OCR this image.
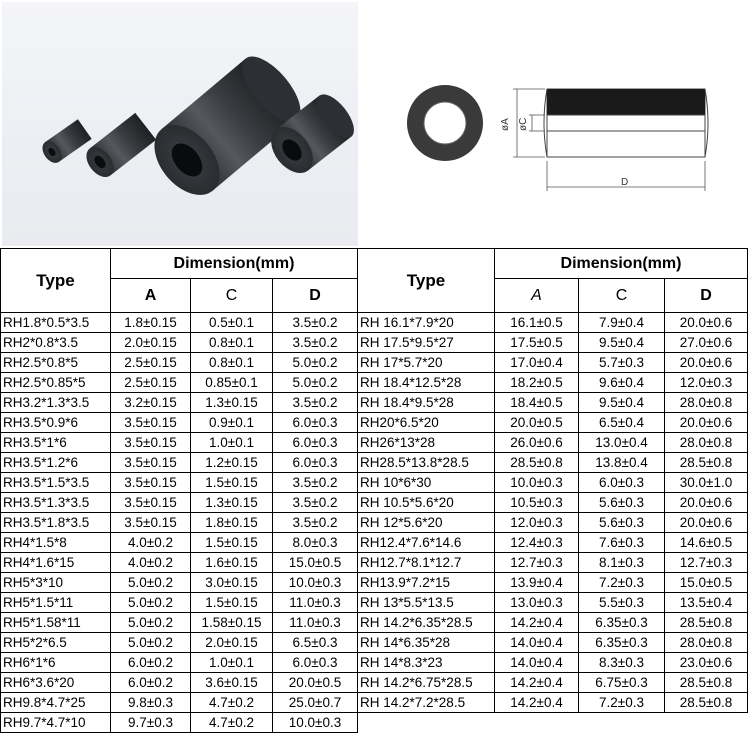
øA øC
D
Type	Dimension(mm)			Type	Dimension(mm)		
	A	C	D		A	C	D
RH1.8*0.5*3.5	1.8±0.15	0.5±0.1	3.5±0.2	RH 16.1*7.9*20	16.1±0.5	7.9±0.4	20.0±0.6
RH2*0.8*3.5	2.0±0.15	0.8±0.1	3.5±0.2	RH 17.5*9.5*27	17.5±0.5	9.5±0.4	27.0±0.6
RH2.5*0.8*5	2.5±0.15	0.8±0.1	5.0±0.2	RH 17*5.7*20	17.0±0.4	5.7±0.3	20.0±0.6
RH2.5*0.85*5	2.5±0.15	0.85±0.1	5.0±0.2	RH 18.4*12.5*28	18.2±0.5	9.6±0.4	12.0±0.3
RH3.2*1.3*3.5	3.2±0.15	1.3±0.15	3.5±0.2	RH 18.4*9.5*28	18.4±0.5	9.5±0.4	28.0±0.8
RH3.5*0.9*6	3.5±0.15	0.9±0.1	6.0±0.3	RH20*6.5*20	20.0±0.5	6.5±0.4	20.0±0.6
RH3.5*1*6	3.5±0.15	1.0±0.1	6.0±0.3	RH26*13*28	26.0±0.6	13.0±0.4	28.0±0.8
RH3.5*1.2*6	3.5±0.15	1.2±0.15	6.0±0.3	RH28.5*13.8*28.5	28.5±0.8	13.8±0.4	28.5±0.8
RH3.5*1.5*3.5	3.5±0.15	1.5±0.15	3.5±0.2	RH 10*6*30	10.0±0.3	6.0±0.3	30.0±1.0
RH3.5*1.3*3.5	3.5±0.15	1.3±0.15	3.5±0.2	RH 10.5*5.6*20	10.5±0.3	5.6±0.3	20.0±0.6
RH3.5*1.8*3.5	3.5±0.15	1.8±0.15	3.5±0.2	RH 12*5.6*20	12.0±0.3	5.6±0.3	20.0±0.6
RH4*1.5*8	4.0±0.2	1.5±0.15	8.0±0.3	RH12.4*7.6*14.6	12.4±0.3	7.6±0.3	14.6±0.5
RH4*1.6*15	4.0±0.2	1.6±0.15	15.0±0.5	RH12.7*8.1*12.7	12.7±0.3	8.1±0.3	12.7±0.3
RH5*3*10	5.0±0.2	3.0±0.15	10.0±0.3	RH13.9*7.2*15	13.9±0.4	7.2±0.3	15.0±0.5
RH5*1.5*11	5.0±0.2	1.5±0.15	11.0±0.3	RH 13*5.5*13.5	13.0±0.3	5.5±0.3	13.5±0.4
RH5*1.58*11	5.0±0.2	1.58±0.15	11.0±0.3	RH 14.2*6.35*28.5	14.2±0.4	6.35±0.3	28.5±0.8
RH5*2*6.5	5.0±0.2	2.0±0.15	6.5±0.3	RH 14*6.35*28	14.0±0.4	6.35±0.3	28.0±0.8
RH6*1*6	6.0±0.2	1.0±0.1	6.0±0.3	RH 14*8.3*23	14.0±0.4	8.3±0.3	23.0±0.6
RH6*3.6*20	6.0±0.2	3.6±0.15	20.0±0.5	RH 14.2*6.75*28.5	14.2±0.4	6.75±0.3	28.5±0.8
RH9.8*4.7*25	9.8±0.3	4.7±0.2	25.0±0.7	RH 14.2*7.2*28.5	14.2±0.4	7.2±0.3	28.5±0.8
RH9.7*4.7*10	9.7±0.3	4.7±0.2	10.0±0.3				
